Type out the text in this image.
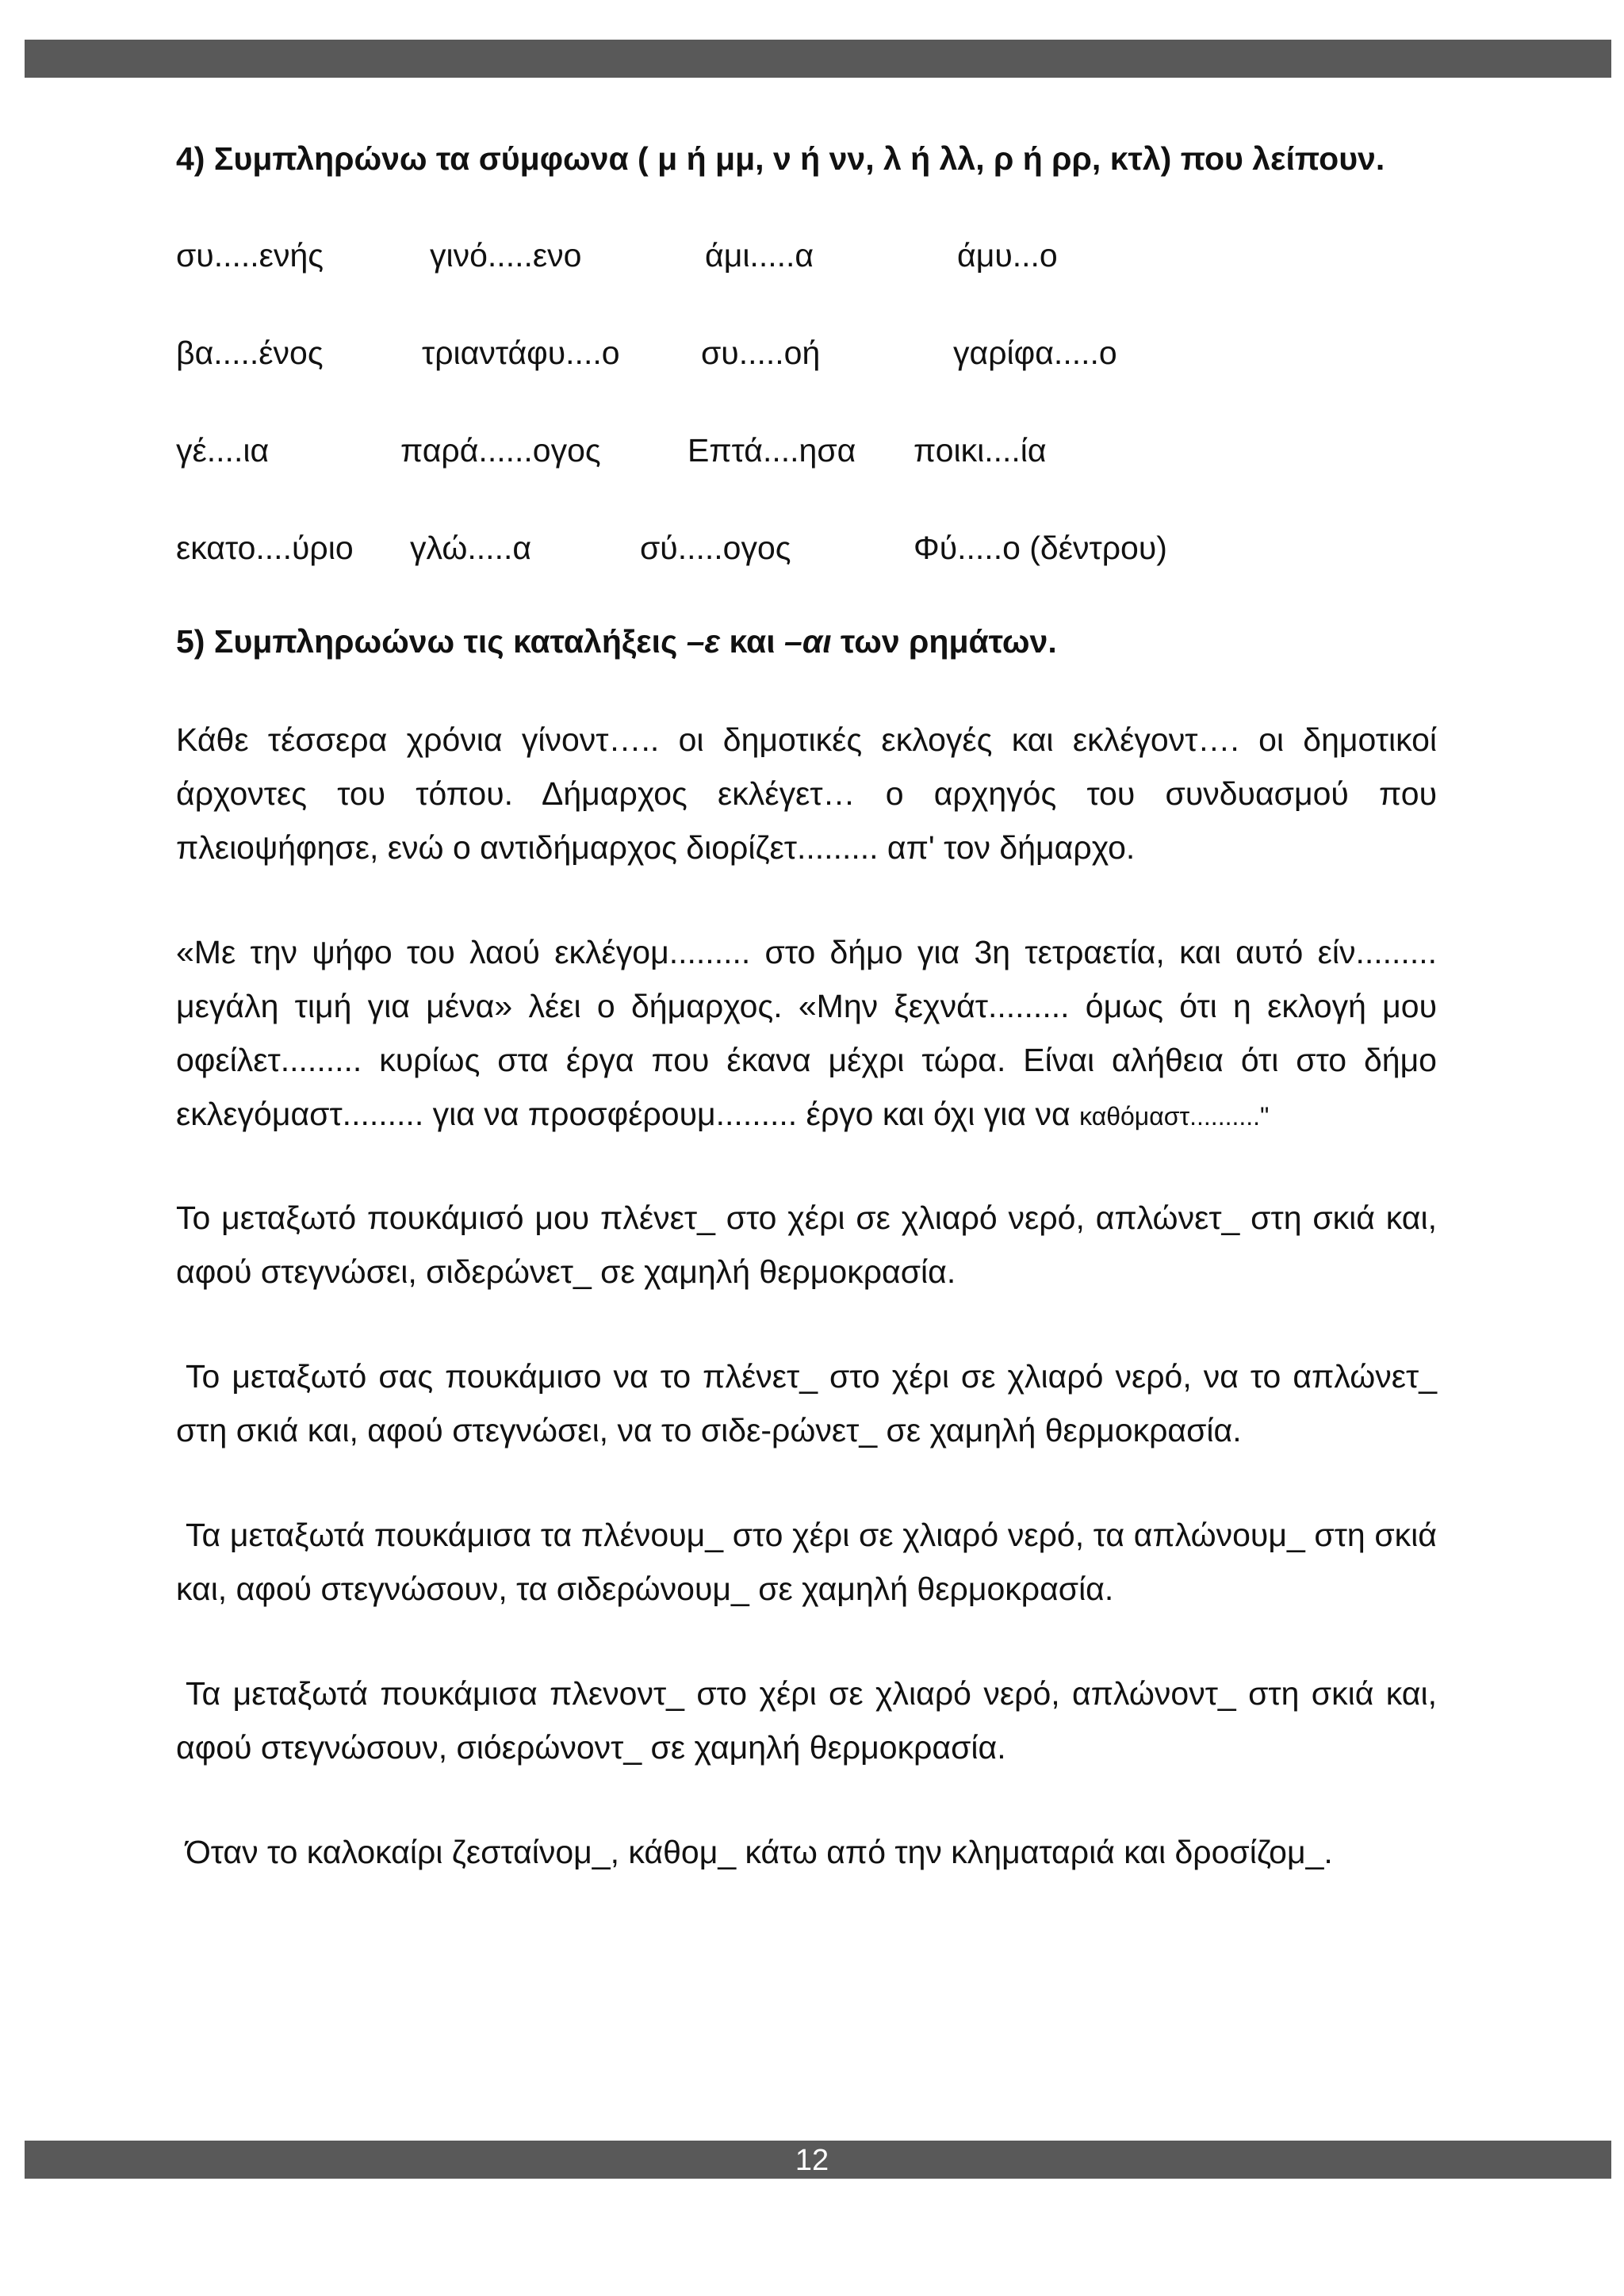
4) Συμπληρώνω τα σύμφωνα ( μ ή μμ, ν ή νν, λ ή λλ, ρ ή ρρ, κτλ) που λείπουν.

συ.....ενής	γινό.....ενο	άμι.....α	άμυ...ο
βα.....ένος	τριαντάφυ....ο συ.....οή	γαρίφα.....ο
γέ....ια	παρά......ογος	Επτά....ησα ποικι....ία
εκατο....ύριο γλώ.....α	σύ.....ογος	Φύ.....ο (δέντρου)

5) Συμπληρωώνω τις καταλήξεις –ε και –αι των ρημάτων.

Κάθε τέσσερα χρόνια γίνοντ….. οι δημοτικές εκλογές και εκλέγοντ…. οι δημοτικοί άρχοντες του τόπου. Δήμαρχος εκλέγετ… ο αρχηγός του συνδυασμού που πλειοψήφησε, ενώ ο αντιδήμαρχος διορίζετ......... απ' τον δήμαρχο.

«Με την ψήφο του λαού εκλέγομ......... στο δήμο για 3η τετραετία, και αυτό είν......... μεγάλη τιμή για μένα» λέει ο δήμαρχος. «Μην ξεχνάτ......... όμως ότι η εκλογή μου οφείλετ......... κυρίως στα έργα που έκανα μέχρι τώρα. Είναι αλήθεια ότι στο δήμο εκλεγόμαστ......... για να προσφέρουμ......... έργο και όχι για να καθόμαστ.........."

Το μεταξωτό πουκάμισό μου πλένετ_ στο χέρι σε χλιαρό νερό, απλώνετ_ στη σκιά και, αφού στεγνώσει, σιδερώνετ_ σε χαμηλή θερμοκρασία.

Το μεταξωτό σας πουκάμισο να το πλένετ_ στο χέρι σε χλιαρό νερό, να το απλώνετ_ στη σκιά και, αφού στεγνώσει, να το σιδε-ρώνετ_ σε χαμηλή θερμοκρασία.

Τα μεταξωτά πουκάμισα τα πλένουμ_ στο χέρι σε χλιαρό νερό, τα απλώνουμ_ στη σκιά και, αφού στεγνώσουν, τα σιδερώνουμ_ σε χαμηλή θερμοκρασία.

Τα μεταξωτά πουκάμισα πλενοντ_ στο χέρι σε χλιαρό νερό, απλώνοντ_ στη σκιά και, αφού στεγνώσουν, σιόερώνοντ_ σε χαμηλή θερμοκρασία.

Όταν το καλοκαίρι ζεσταίνομ_, κάθομ_ κάτω από την κληματαριά και δροσίζομ_.

12
